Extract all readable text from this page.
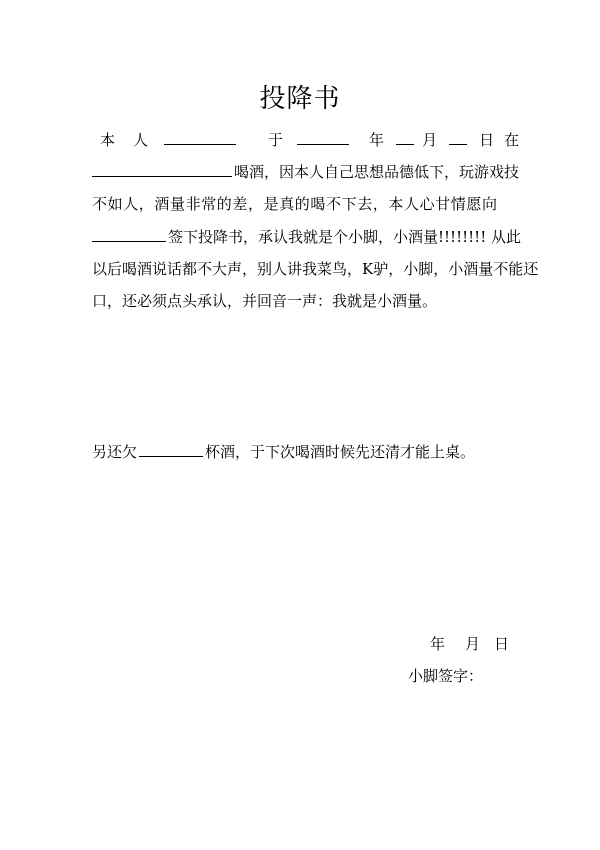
投降书
本 人	于	年	月	日 在
喝酒，因本人自己思想品德低下，玩游戏技
不如人，酒量非常的差，是真的喝不下去，本人心甘情愿向
签下投降书，承认我就是个小脚，小酒量!!!!!!!! 从此
以后喝酒说话都不大声，别人讲我菜鸟，K驴，小脚，小酒量不能还
口，还必须点头承认，并回音一声：我就是小酒量。
另还欠	杯酒，于下次喝酒时候先还清才能上桌。
年 月 日
小脚签字：
